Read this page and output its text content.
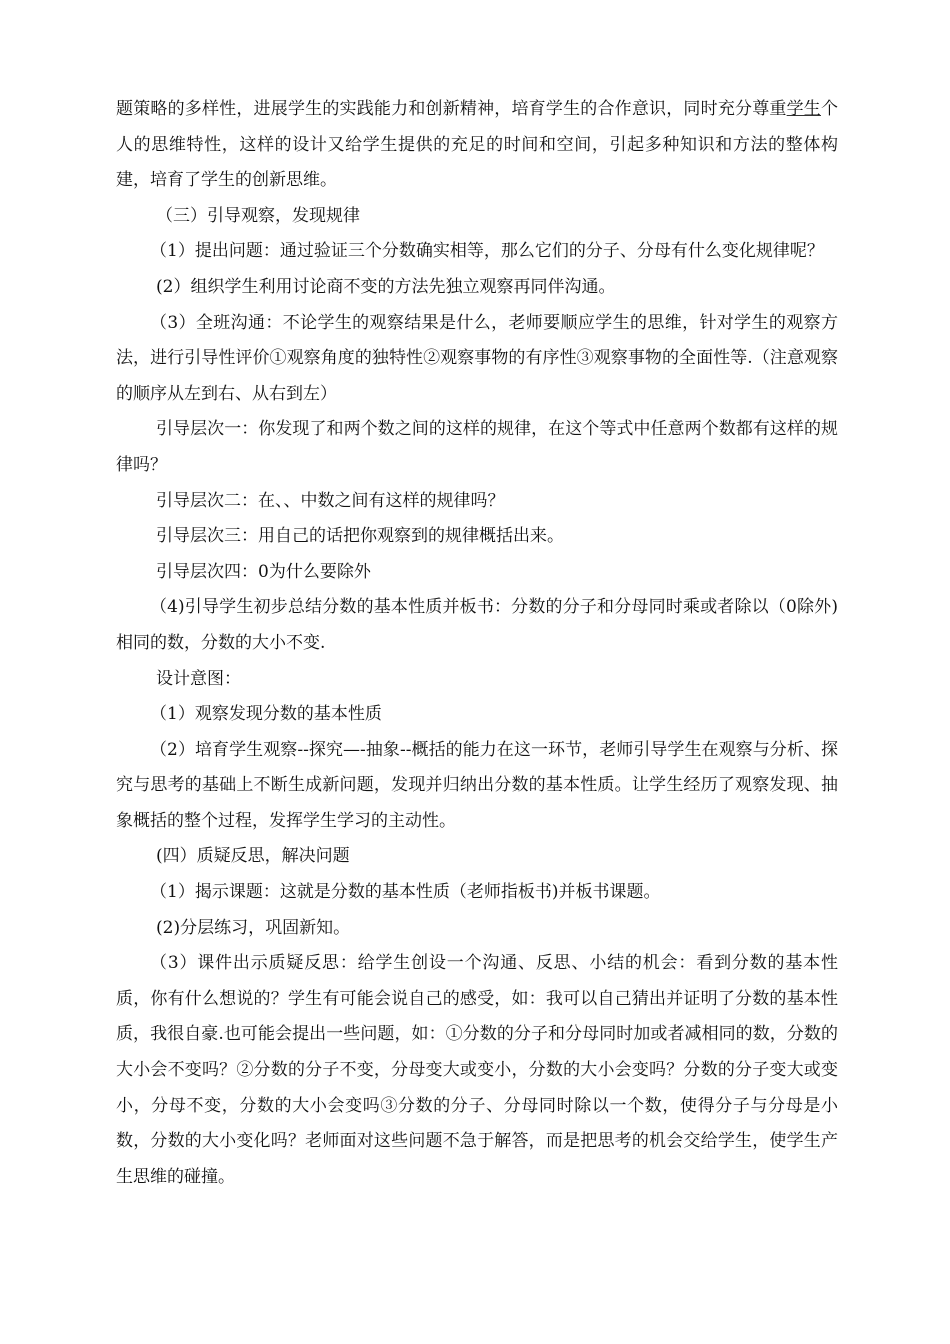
题策略的多样性，进展学生的实践能力和创新精神，培育学生的合作意识，同时充分尊重学生个人的思维特性，这样的设计又给学生提供的充足的时间和空间，引起多种知识和方法的整体构建，培育了学生的创新思维。

（三）引导观察，发现规律

（1）提出问题：通过验证三个分数确实相等，那么它们的分子、分母有什么变化规律呢？

(2）组织学生利用讨论商不变的方法先独立观察再同伴沟通。

（3）全班沟通：不论学生的观察结果是什么，老师要顺应学生的思维，针对学生的观察方法，进行引导性评价①观察角度的独特性②观察事物的有序性③观察事物的全面性等.（注意观察的顺序从左到右、从右到左）

引导层次一：你发现了和两个数之间的这样的规律，在这个等式中任意两个数都有这样的规律吗？

引导层次二：在、、中数之间有这样的规律吗？

引导层次三：用自己的话把你观察到的规律概括出来。

引导层次四：0为什么要除外

（4)引导学生初步总结分数的基本性质并板书：分数的分子和分母同时乘或者除以（0除外)相同的数，分数的大小不变.

设计意图：

（1）观察发现分数的基本性质

（2）培育学生观察--探究—-抽象--概括的能力在这一环节，老师引导学生在观察与分析、探究与思考的基础上不断生成新问题，发现并归纳出分数的基本性质。让学生经历了观察发现、抽象概括的整个过程，发挥学生学习的主动性。

(四）质疑反思，解决问题

（1）揭示课题：这就是分数的基本性质（老师指板书)并板书课题。

(2)分层练习，巩固新知。

（3）课件出示质疑反思：给学生创设一个沟通、反思、小结的机会：看到分数的基本性质，你有什么想说的？学生有可能会说自己的感受，如：我可以自己猜出并证明了分数的基本性质，我很自豪.也可能会提出一些问题，如：①分数的分子和分母同时加或者减相同的数，分数的大小会不变吗？②分数的分子不变，分母变大或变小，分数的大小会变吗？分数的分子变大或变小，分母不变，分数的大小会变吗③分数的分子、分母同时除以一个数，使得分子与分母是小数，分数的大小变化吗？老师面对这些问题不急于解答，而是把思考的机会交给学生，使学生产生思维的碰撞。
